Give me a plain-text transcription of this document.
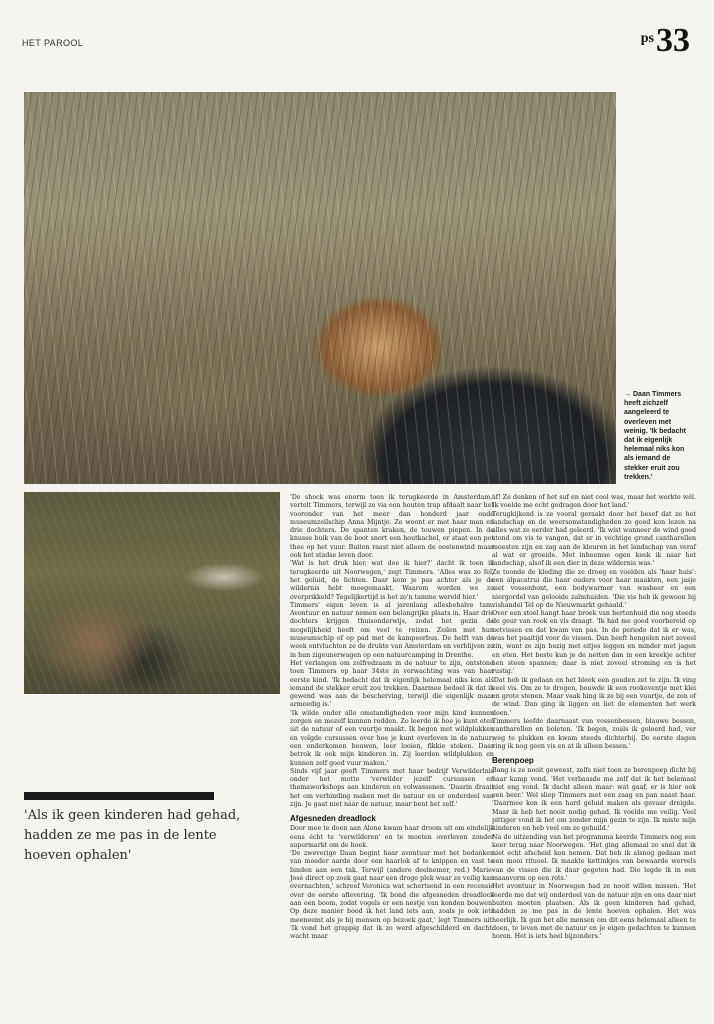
HET PAROOL	ps33
→ Daan Timmers heeft zichzelf aangeleerd te overleven met weinig. 'Ik bedacht dat ik eigenlijk helemaal niks kon als iemand de stekker eruit zou trekken.'
'Als ik geen kinderen had gehad, hadden ze me pas in de lente hoeven ophalen'

'De shock was enorm toen ik terugkeerde in Amsterdam,' vertelt Timmers, terwijl ze via een houten trap afdaalt naar het vooronder van het meer dan honderd jaar oude museumzeilschip Anna Mijntje. Ze woont er met haar man en drie dochters. De spanten kraken, de touwen piepen. In de knusse buik van de boot snort een houtkachel, er staat een pot thee op het vuur. Buiten raast niet alleen de oostenwind maar ook het stadse leven door.

'Wat is het druk hier, wat doe ik hier?' dacht ik toen ik terugkeerde uit Noorwegen,' zegt Timmers. 'Alles was zo fel, het geluid, de lichten. Daar kom je pas achter als je de wildernis hebt meegemaakt. Waarom worden we zo overprikkeld? Tegelijkertijd is het zo'n tamme wereld hier.'

Timmers' eigen leven is al jarenlang allesbehalve tam. Avontuur en natuur nemen een belangrijke plaats in. Haar drie dochters krijgen thuisonderwijs, zodat het gezin de mogelijkheid heeft om veel te reizen. Zeilen met hun museumschip of op pad met de kampeerbus. De helft van de week ontvluchten ze de drukte van Amsterdam en verblijven ze in hun zigeunerwagen op een natuurcamping in Drenthe.

Het verlangen om zelfredzaam in de natuur te zijn, ontstond toen Timmers op haar 34ste in verwachting was van haar eerste kind. 'Ik bedacht dat ik eigenlijk helemaal niks kon als iemand de stekker eruit zou trekken. Daarmee bedoel ik dat ik gewend was aan de bescherving, terwijl die eigenlijk maar armoedig is.'

'Ik wilde onder alle omstandigheden voor mijn kind kunnen zorgen en mezelf kunnen redden. Zo leerde ik hoe je kunt eten uit de natuur of een vuurtje maakt. Ik begon met wildplukken en volgde cursussen over hoe je kunt overleven in de natuur: een onderkomen bouwen, leer looien, fikkie stoken. Daar betrok ik ook mijn kinderen in. Zij leerden wildplukken en kunnen zelf goed vuur maken.'

Sinds vijf jaar geeft Timmers met haar bedrijf Verwilderlnis onder het motto 'verwilder jezelf' cursussen en themaworkshops aan kinderen en volwassenen. 'Daarin draait het om verbinding maken met de natuur en er onderdeel van zijn. Je gaat niet náár de natuur, maar bent het zelf.'

Afgesneden dreadlock

Door mee te doen aan Alone kwam haar droom uit om eindelijk eens écht te 'verwilderen' en te moeten overleven zonder supermarkt om de hoek.

'De zweverige Daan begint haar avontuur met het bedanken van moeder aarde door een haarlok af te knippen en vast te binden aan een tak. Terwijl (andere deelnemer, red.) Marie-José direct op zoek gaat naar een droge plek waar ze veilig kan overnachten,' schreef Veronica wat schertsend in een recensie over de eerste aflevering. 'Ik bond die afgesneden dreadlock aan een boom, zodat vogels er een nestje van konden bouwen. Op deze manier bood ik het land iets aan, zoals je ook iets meeneemt als je bij mensen op bezoek gaat,' legt Timmers uit. 'Ik vond het grappig dat ik zo werd afgeschilderd en dacht: wacht maar

af! Ze denken of het suf en niet cool was, maar het werkte wél. Ik voelde me echt gedragen door het land.'

Terugkijkend is ze vooral geraakt door het besef dat ze het landschap en de weersomstandigheden zo goed kon lezen na alles wat ze eerder had geleerd. 'Ik wist wanneer de wind goed stond om vis te vangen, dat er in vochtige grond cantharellen moesten zijn en zag aan de kleuren in het landschap van veraf al wat er groeide. Met inheemse ogen keek ik naar het landschap, alsof ik een dier in deze wildernis was.'

Ze toonde de kleding die ze droeg en voelden als 'haar huis': een alpacatrui die haar ouders voor haar maakten, een jasje met vossenbont, een bodywarmer van wasbeer en een niergordel van gelooide zalmhuiden. 'Die vis heb ik gewoon bij vishandel Tel op de Nieuwmarkt gehaald.'

Over een stoel hangt haar broek van hertenhuid die nog steeds de geur van rook en vis draagt. 'Ik had me goed voorbereid op netvissen en dat kwam van pas. In de periode dat ik er was, was het paaitijd voor de vissen. Dan heeft hengelen niet zoveel zin, want ze zijn bezig met eitjes leggen en minder met jagen en eten. Het beste kun je de netten dan in een kreekje achter een steen spannen; daar is niet zoveel stroming en is het rustig.'

'Dat heb ik gedaan en het bleek een gouden zet te zijn. Ik ving veel vis. Om ze te drogen, bouwde ik een rookoventje met klei en grote stenen. Maar vaak hing ik ze bij een vuurtje, de zon of de wind. Dan ging ik liggen en liet de elementen het werk doen.'

Timmers leefde daarnaast van vossenbessen, blauwe bessen, cantharellen en boleten. 'Ik begon, zoals ik geleerd had, ver weg te plukken en kwam steeds dichterbij. De eerste dagen ving ik nog geen vis en at ik alleen bessen.'

Berenpoep

Bang is ze nooit geweest, zelfs niet toen ze berenpoep dicht bij haar kamp vond. 'Het verbaasde me zelf dat ik het helemaal niet eng vond. Ik dacht alleen maar: wat gaaf, er is hier ook een beer.' Wel sliep Timmers met een zaag en pan naast haar. 'Daarmee kon ik een hard geluid maken als gevaar dreigde. Maar ik heb het nooit nodig gehad. Ik voelde me veilig. Veel pittiger vond ik het om zonder mijn gezin te zijn. Ik miste mijn kinderen en heb veel om ze gehuild.'

Na de uitzending van het programma keerde Timmers nog een keer terug naar Noorwegen. 'Het ging allemaal zo snel dat ik niet echt afscheid kon nemen. Dat heb ik alsnog gedaan met een mooi ritueel. Ik maakte kettinkjes van bewaarde wervels van de vissen die ik daar gegeten had. Die legde ik in een maanvorm op een rots.'

Het avontuur in Noorwegen had ze nooit willen missen. 'Het leerde me dat wij onderdeel van de natuur zijn en ons daar niet buiten moeten plaatsen. Als ik geen kinderen had gehad, hadden ze me pas in de lente hoeven ophalen. Het was heerlijk. Ik gun het alle mensen om dit eens helemaal alleen te doen, te leven met de natuur en je eigen gedachten te kunnen horen. Het is iets heel bijzonders.'
